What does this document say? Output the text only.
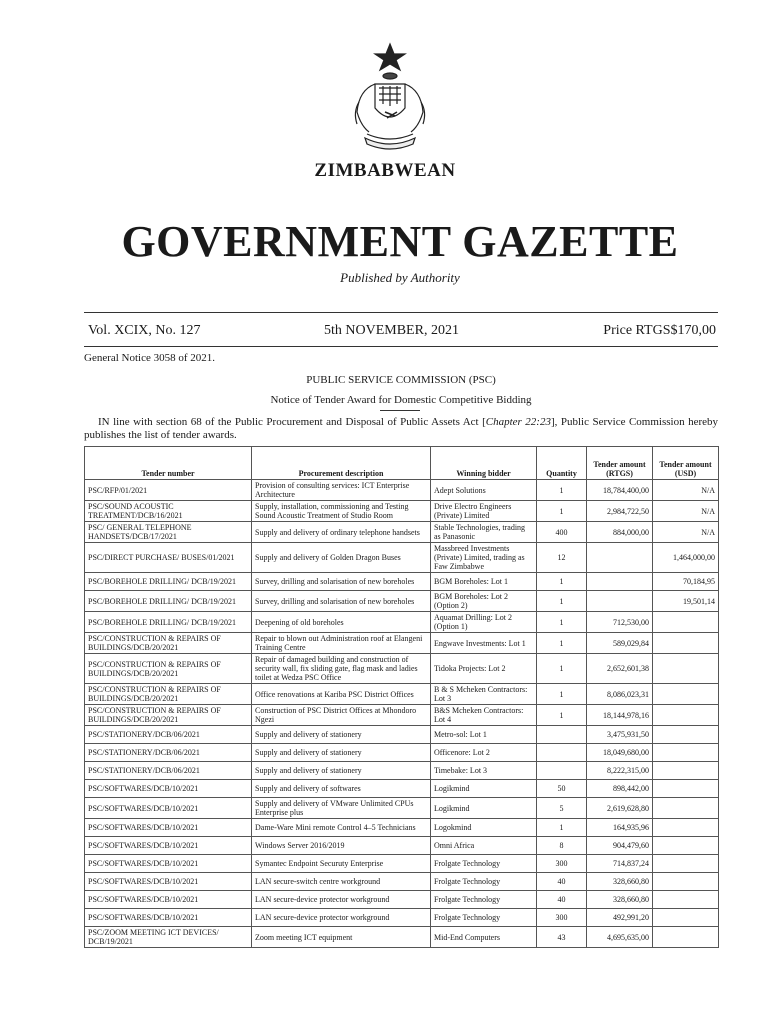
ZIMBABWEAN
GOVERNMENT GAZETTE
Published by Authority
Vol. XCIX, No. 127	5th NOVEMBER, 2021	Price RTGS$170,00
General Notice 3058 of 2021.
PUBLIC SERVICE COMMISSION (PSC)
Notice of Tender Award for Domestic Competitive Bidding
IN line with section 68 of the Public Procurement and Disposal of Public Assets Act [Chapter 22:23], Public Service Commission hereby publishes the list of tender awards.
Tender number	Procurement description	Winning bidder	Quantity	Tender amount (RTGS)	Tender amount (USD)
PSC/RFP/01/2021	Provision of consulting services: ICT Enterprise Architecture	Adept Solutions	1	18,784,400,00	N/A
PSC/SOUND ACOUSTIC TREATMENT/DCB/16/2021	Supply, installation, commissioning and Testing Sound Acoustic Treatment of Studio Room	Drive Electro Engineers (Private) Limited	1	2,984,722,50	N/A
PSC/ GENERAL TELEPHONE HANDSETS/DCB/17/2021	Supply and delivery of ordinary telephone handsets	Stable Technologies, trading as Panasonic	400	884,000,00	N/A
PSC/DIRECT PURCHASE/ BUSES/01/2021	Supply and delivery of Golden Dragon Buses	Massbreed Investments (Private) Limited, trading as Faw Zimbabwe	12		1,464,000,00
PSC/BOREHOLE DRILLING/ DCB/19/2021	Survey, drilling and solarisation of new boreholes	BGM Boreholes: Lot 1	1		70,184,95
PSC/BOREHOLE DRILLING/ DCB/19/2021	Survey, drilling and solarisation of new boreholes	BGM Boreholes: Lot 2 (Option 2)	1		19,501,14
PSC/BOREHOLE DRILLING/ DCB/19/2021	Deepening of old boreholes	Aquamat Drilling: Lot 2 (Option 1)	1	712,530,00	
PSC/CONSTRUCTION & REPAIRS OF BUILDINGS/DCB/20/2021	Repair to blown out Administration roof at Elangeni Training Centre	Engwave Investments: Lot 1	1	589,029,84	
PSC/CONSTRUCTION & REPAIRS OF BUILDINGS/DCB/20/2021	Repair of damaged building and construction of security wall, fix sliding gate, flag mask and ladies toilet at Wedza PSC Office	Tidoka Projects: Lot 2	1	2,652,601,38	
PSC/CONSTRUCTION & REPAIRS OF BUILDINGS/DCB/20/2021	Office renovations at Kariba PSC District Offices	B & S Mcheken Contractors: Lot 3	1	8,086,023,31	
PSC/CONSTRUCTION & REPAIRS OF BUILDINGS/DCB/20/2021	Construction of PSC District Offices at Mhondoro Ngezi	B&S Mcheken Contractors: Lot 4	1	18,144,978,16	
PSC/STATIONERY/DCB/06/2021	Supply and delivery of stationery	Metro-sol: Lot 1		3,475,931,50	
PSC/STATIONERY/DCB/06/2021	Supply and delivery of stationery	Officenore: Lot 2		18,049,680,00	
PSC/STATIONERY/DCB/06/2021	Supply and delivery of stationery	Timebake: Lot 3		8,222,315,00	
PSC/SOFTWARES/DCB/10/2021	Supply and delivery of softwares	Logikmind	50	898,442,00	
PSC/SOFTWARES/DCB/10/2021	Supply and delivery of VMware Unlimited CPUs Enterprise plus	Logikmind	5	2,619,628,80	
PSC/SOFTWARES/DCB/10/2021	Dame-Ware Mini remote Control 4–5 Technicians	Logokmind	1	164,935,96	
PSC/SOFTWARES/DCB/10/2021	Windows Server 2016/2019	Omni Africa	8	904,479,60	
PSC/SOFTWARES/DCB/10/2021	Symantec Endpoint Securuty Enterprise	Frolgate Technology	300	714,837,24	
PSC/SOFTWARES/DCB/10/2021	LAN secure-switch centre workground	Frolgate Technology	40	328,660,80	
PSC/SOFTWARES/DCB/10/2021	LAN secure-device protector workground	Frolgate Technology	40	328,660,80	
PSC/SOFTWARES/DCB/10/2021	LAN secure-device protector workground	Frolgate Technology	300	492,991,20	
PSC/ZOOM MEETING ICT DEVICES/ DCB/19/2021	Zoom meeting ICT equipment	Mid-End Computers	43	4,695,635,00	
